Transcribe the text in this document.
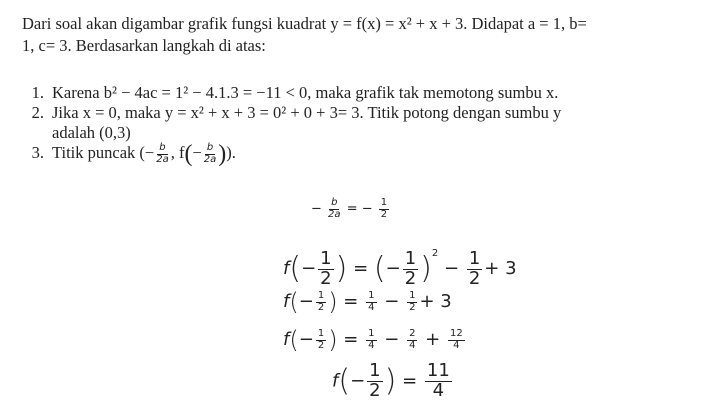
Dari soal akan digambar grafik fungsi kuadrat y = f(x) = x² + x + 3. Didapat a = 1, b=
1, c= 3. Berdasarkan langkah di atas:
1. Karena b² − 4ac = 1² − 4.1.3 = −11 < 0, maka grafik tak memotong sumbu x.
2. Jika x = 0, maka y = x² + x + 3 = 0² + 0 + 3= 3. Titik potong dengan sumbu y
adalah (0,3)
3. Titik puncak (− $\frac{b}{2a}$ , $f(- \frac{b}{2a}$ )).
− $\frac{b}{2a}$ = − $\frac{1}{2}$
$f(- \frac{1}{2}$ ) = (− $\frac{1}{2} )^2 - \frac{1}{2} + 3$
$f(- \frac{1}{2}$ ) = $\frac{1}{4} - \frac{1}{2} + 3$
$f(- \frac{1}{2}$ ) = $\frac{1}{4} - \frac{2}{4} + \frac{12}{4}$
$f(- \frac{1}{2}$ ) = $\frac{11}{4}$
